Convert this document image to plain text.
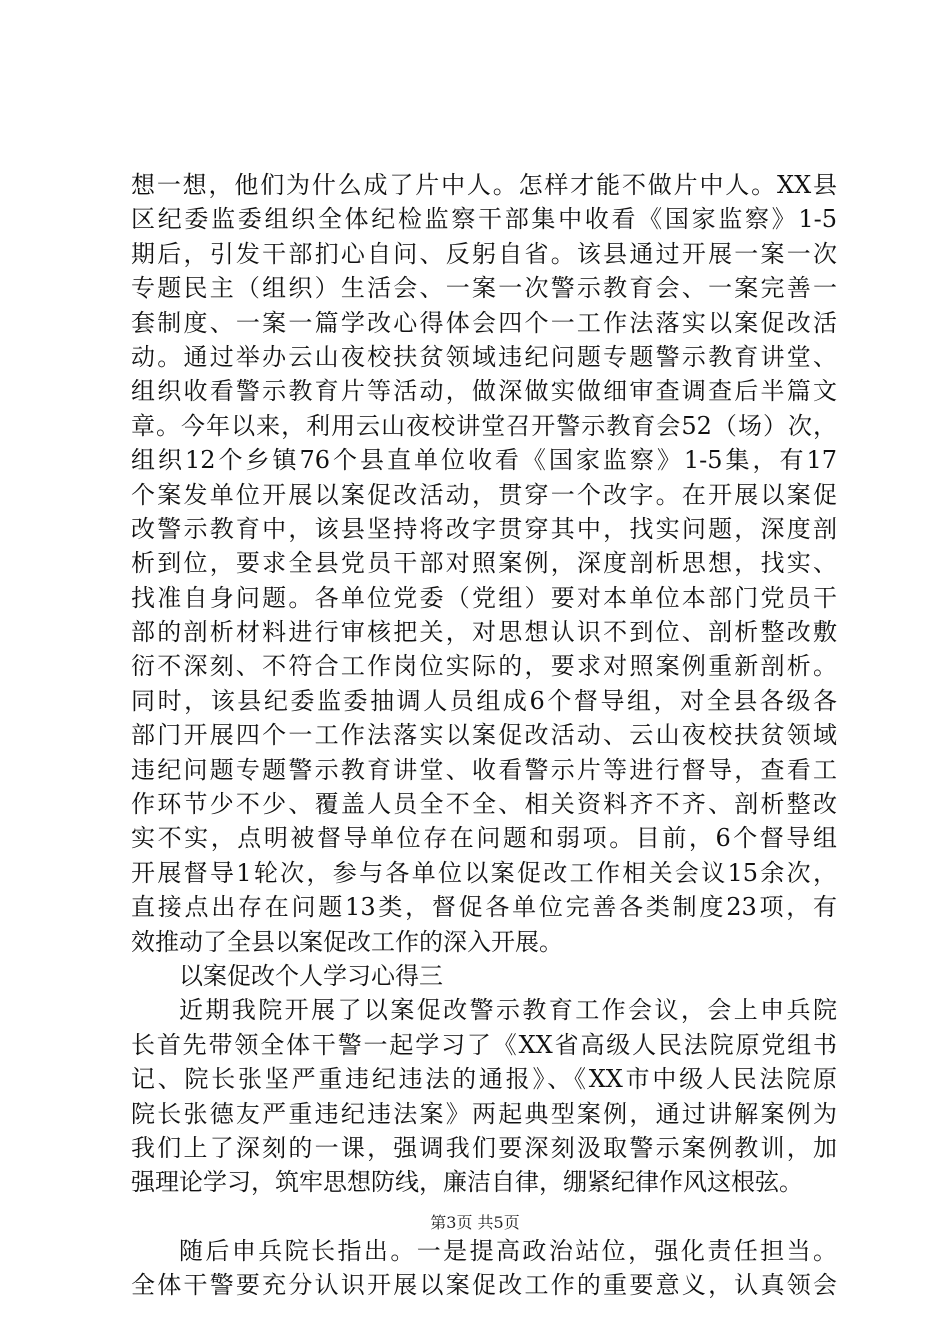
想一想，他们为什么成了片中人。怎样才能不做片中人。XX县
区纪委监委组织全体纪检监察干部集中收看《国家监察》1-5
期后，引发干部扪心自问、反躬自省。该县通过开展一案一次
专题民主（组织）生活会、一案一次警示教育会、一案完善一
套制度、一案一篇学改心得体会四个一工作法落实以案促改活
动。通过举办云山夜校扶贫领域违纪问题专题警示教育讲堂、
组织收看警示教育片等活动，做深做实做细审查调查后半篇文
章。今年以来，利用云山夜校讲堂召开警示教育会52（场）次，
组织12个乡镇76个县直单位收看《国家监察》1-5集，有17
个案发单位开展以案促改活动，贯穿一个改字。在开展以案促
改警示教育中，该县坚持将改字贯穿其中，找实问题，深度剖
析到位，要求全县党员干部对照案例，深度剖析思想，找实、
找准自身问题。各单位党委（党组）要对本单位本部门党员干
部的剖析材料进行审核把关，对思想认识不到位、剖析整改敷
衍不深刻、不符合工作岗位实际的，要求对照案例重新剖析。
同时，该县纪委监委抽调人员组成6个督导组，对全县各级各
部门开展四个一工作法落实以案促改活动、云山夜校扶贫领域
违纪问题专题警示教育讲堂、收看警示片等进行督导，查看工
作环节少不少、覆盖人员全不全、相关资料齐不齐、剖析整改
实不实，点明被督导单位存在问题和弱项。目前，6个督导组
开展督导1轮次，参与各单位以案促改工作相关会议15余次，
直接点出存在问题13类，督促各单位完善各类制度23项，有
效推动了全县以案促改工作的深入开展。
以案促改个人学习心得三
近期我院开展了以案促改警示教育工作会议，会上申兵院
长首先带领全体干警一起学习了《XX省高级人民法院原党组书
记、院长张坚严重违纪违法的通报》、《XX市中级人民法院原
院长张德友严重违纪违法案》两起典型案例，通过讲解案例为
我们上了深刻的一课，强调我们要深刻汲取警示案例教训，加
强理论学习，筑牢思想防线，廉洁自律，绷紧纪律作风这根弦。
随后申兵院长指出。一是提高政治站位，强化责任担当。
全体干警要充分认识开展以案促改工作的重要意义，认真领会
第3页 共5页
